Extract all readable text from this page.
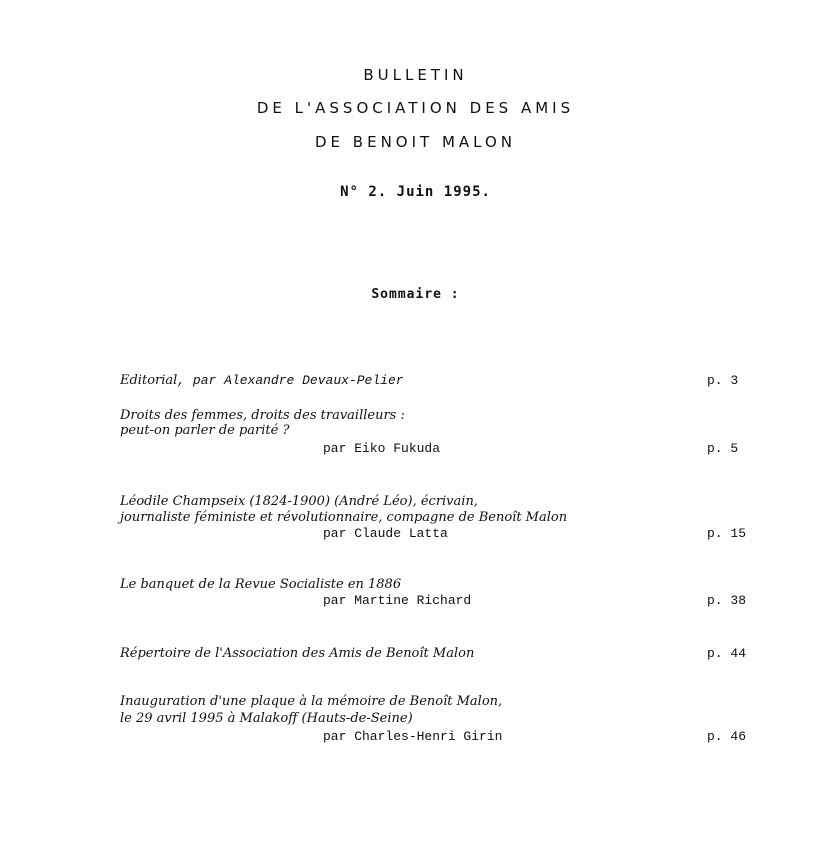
BULLETIN
DE L'ASSOCIATION DES AMIS
DE BENOIT MALON
N° 2. Juin 1995.
Sommaire :
Editorial, par Alexandre Devaux-Pelier	p. 3
Droits des femmes, droits des travailleurs :
peut-on parler de parité ?
par Eiko Fukuda	p. 5
Léodile Champseix (1824-1900) (André Léo), écrivain,
journaliste féministe et révolutionnaire, compagne de Benoît Malon
par Claude Latta	p. 15
Le banquet de la Revue Socialiste en 1886
par Martine Richard	p. 38
Répertoire de l'Association des Amis de Benoît Malon	p. 44
Inauguration d'une plaque à la mémoire de Benoît Malon,
le 29 avril 1995 à Malakoff (Hauts-de-Seine)
par Charles-Henri Girin	p. 46
